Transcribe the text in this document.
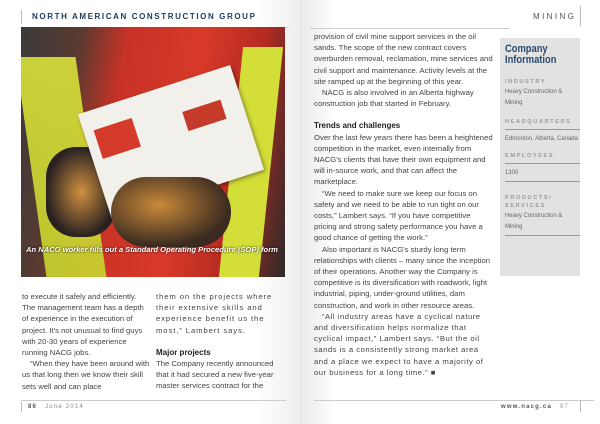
NORTH AMERICAN CONSTRUCTION GROUP	MINING
An NACG worker fills out a Standard Operating Procedure (SOP) form

to execute it safely and efficiently. The management team has a depth of experience in the execution of project. It's not unusual to find guys with 20-30 years of experience running NACG jobs.

“When they have been around with us that long then we know their skill sets well and can place

them on the projects where their extensive skills and experience benefit us the most,” Lambert says.

Major projects

The Company recently announced that it had secured a new five-year master services contract for the

provision of civil mine support services in the oil sands. The scope of the new contract covers overburden removal, reclamation, mine services and civil support and maintenance. Activity levels at the site ramped up at the beginning of this year.

NACG is also involved in an Alberta highway construction job that started in February.

Trends and challenges

Over the last few years there has been a heightened competition in the market, even internally from NACG's clients that have their own equipment and will in-source work, and that can affect the marketplace.

“We need to make sure we keep our focus on safety and we need to be able to run tight on our costs,” Lambert says. “If you have competitive pricing and strong safety performance you have a good chance of getting the work.”

Also important is NACG's sturdy long term relationships with clients – many since the inception of their operations. Another way the Company is competitive is its diversification with roadwork, light industrial, piping, under-ground utilities, dam construction, and work in other resource areas.

“All industry areas have a cyclical nature and diversification helps normalize that cyclical impact,” Lambert says. “But the oil sands is a consistently strong market area and a place we expect to have a majority of our business for a long time.” ■

Company Information
INDUSTRY
Heavy Construction & Mining
HEADQUARTERS
Edmonton, Alberta, Canada
EMPLOYEES
1300
PRODUCTS/ SERVICES
Heavy Construction & Mining
86 June 2014	www.nacg.ca 87
